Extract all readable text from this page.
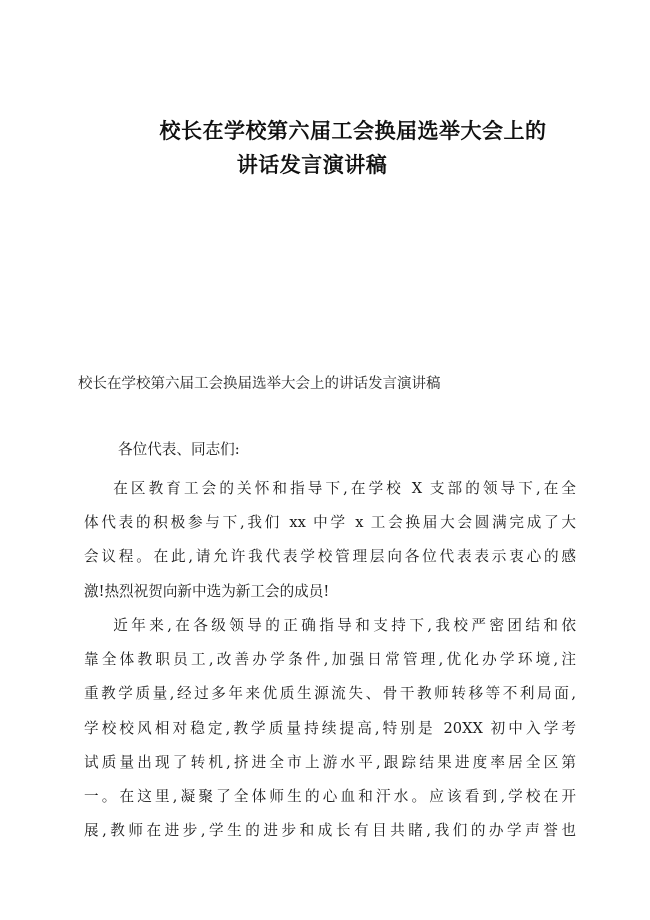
校长在学校第六届工会换届选举大会上的
讲话发言演讲稿
校长在学校第六届工会换届选举大会上的讲话发言演讲稿
各位代表、同志们:
在区教育工会的关怀和指导下,在学校 X 支部的领导下,在全
体代表的积极参与下,我们 xx 中学 x 工会换届大会圆满完成了大
会议程。在此,请允许我代表学校管理层向各位代表表示衷心的感
激!热烈祝贺向新中选为新工会的成员!
近年来,在各级领导的正确指导和支持下,我校严密团结和依
靠全体教职员工,改善办学条件,加强日常管理,优化办学环境,注
重教学质量,经过多年来优质生源流失、骨干教师转移等不利局面,
学校校风相对稳定,教学质量持续提高,特别是 20XX 初中入学考
试质量出现了转机,挤进全市上游水平,跟踪结果进度率居全区第
一。在这里,凝聚了全体师生的心血和汗水。应该看到,学校在开
展,教师在进步,学生的进步和成长有目共睹,我们的办学声誉也
